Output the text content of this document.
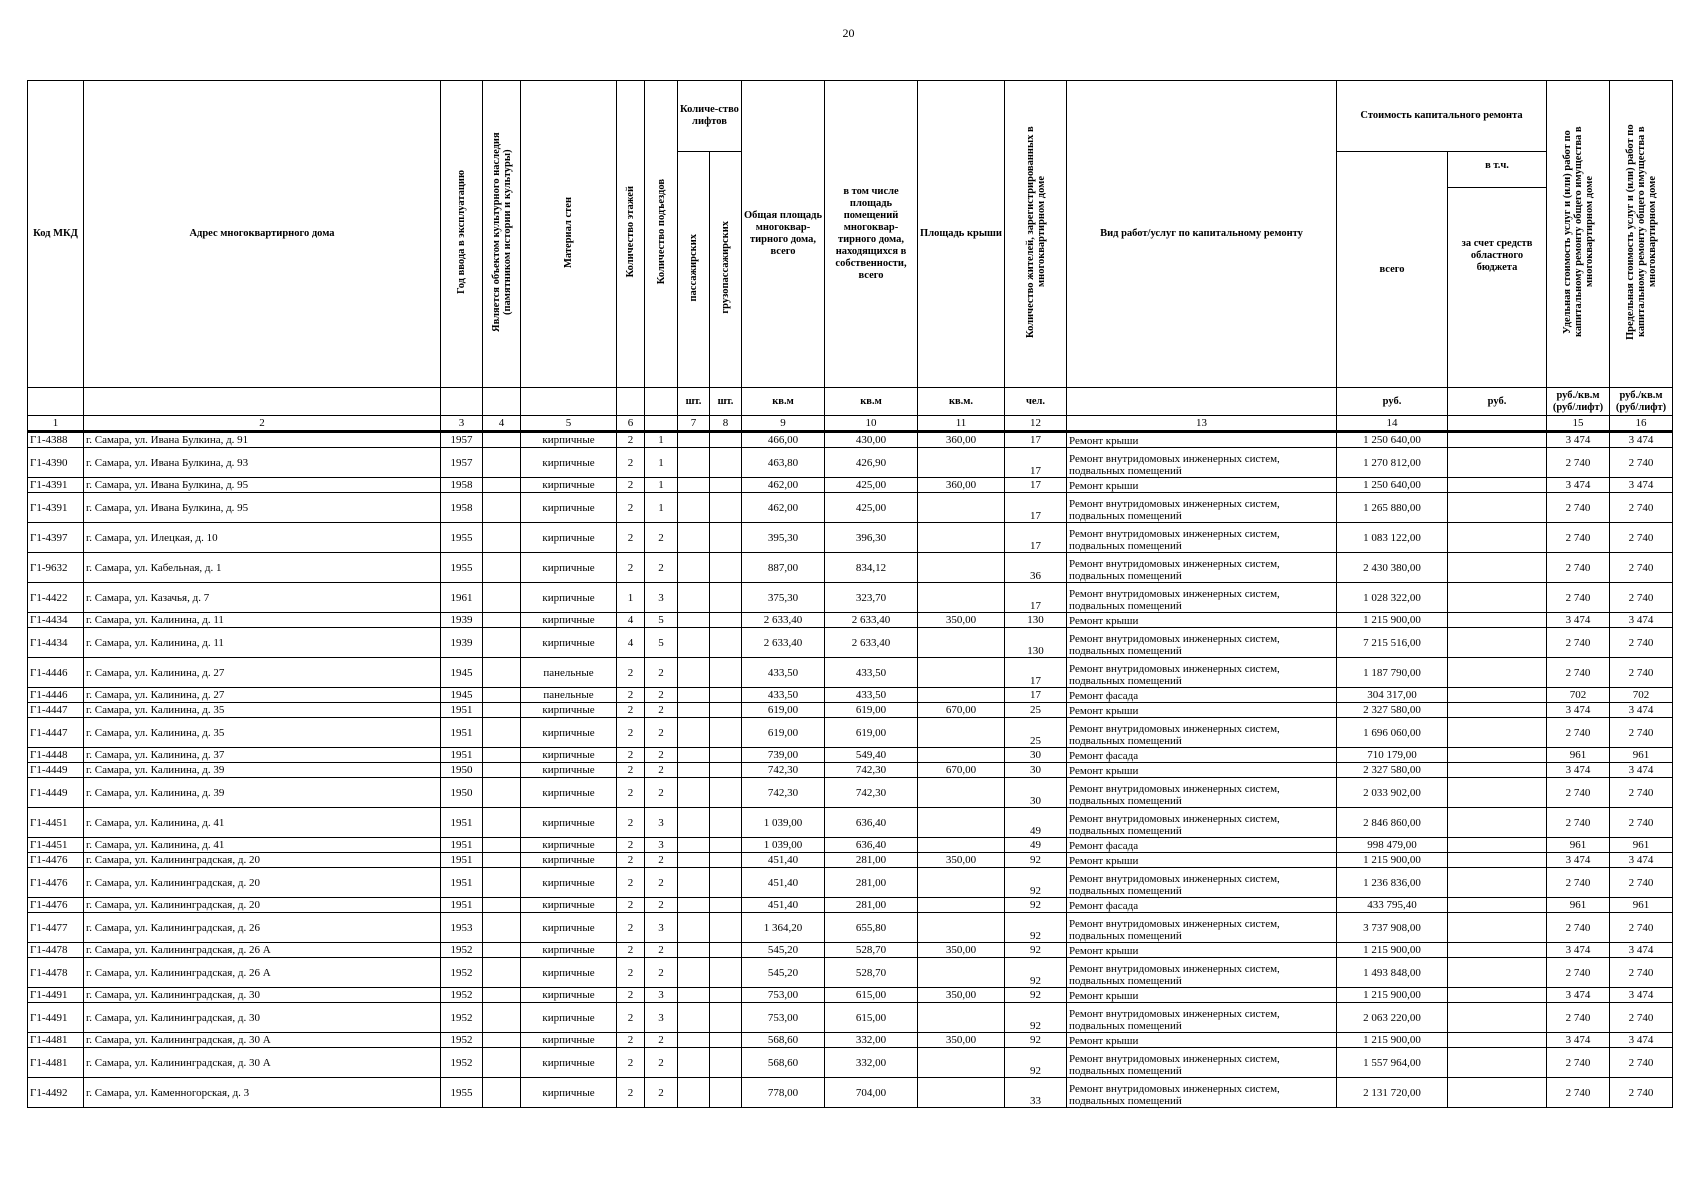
20
Код МКД	Адрес многоквартирного дома	Год ввода в эксплуатацию	Является объектом культурного наследия (памятником истории и культуры)	Материал стен	Количество этажей	Количество подъездов	Количе-ство лифтов		Общая площадь многоквар-тирного дома, всего	в том числе площадь помещений многоквар-тирного дома, находящихся в собственности, всего	Площадь крыши	Количество жителей, зарегистрированных в многоквартирном доме	Вид работ/услуг по капитальному ремонту	Стоимость капитального ремонта		Удельная стоимость услуг и (или) работ по капитальному ремонту общего имущества в многоквартирном доме	Предельная стоимость услуг и (или) работ по капитальному ремонту общего имущества в многоквартирном доме
							пассажирских	грузопассажирских						всего	в т.ч.		
															за счет средств областного бюджета		
							шт.	шт.	кв.м	кв.м	кв.м.	чел.		руб.	руб.	руб./кв.м (руб/лифт)	руб./кв.м (руб/лифт)
1	2	3	4	5	6		7	8	9	10	11	12	13	14		15	16
Г1-4388	г. Самара, ул. Ивана Булкина, д. 91	1957		кирпичные	2	1			466,00	430,00	360,00	17	Ремонт крыши	1 250 640,00		3 474	3 474
Г1-4390	г. Самара, ул. Ивана Булкина, д. 93	1957		кирпичные	2	1			463,80	426,90		17	Ремонт внутридомовых инженерных систем, подвальных помещений	1 270 812,00		2 740	2 740
Г1-4391	г. Самара, ул. Ивана Булкина, д. 95	1958		кирпичные	2	1			462,00	425,00	360,00	17	Ремонт крыши	1 250 640,00		3 474	3 474
Г1-4391	г. Самара, ул. Ивана Булкина, д. 95	1958		кирпичные	2	1			462,00	425,00		17	Ремонт внутридомовых инженерных систем, подвальных помещений	1 265 880,00		2 740	2 740
Г1-4397	г. Самара, ул. Илецкая, д. 10	1955		кирпичные	2	2			395,30	396,30		17	Ремонт внутридомовых инженерных систем, подвальных помещений	1 083 122,00		2 740	2 740
Г1-9632	г. Самара, ул. Кабельная, д. 1	1955		кирпичные	2	2			887,00	834,12		36	Ремонт внутридомовых инженерных систем, подвальных помещений	2 430 380,00		2 740	2 740
Г1-4422	г. Самара, ул. Казачья, д. 7	1961		кирпичные	1	3			375,30	323,70		17	Ремонт внутридомовых инженерных систем, подвальных помещений	1 028 322,00		2 740	2 740
Г1-4434	г. Самара, ул. Калинина, д. 11	1939		кирпичные	4	5			2 633,40	2 633,40	350,00	130	Ремонт крыши	1 215 900,00		3 474	3 474
Г1-4434	г. Самара, ул. Калинина, д. 11	1939		кирпичные	4	5			2 633,40	2 633,40		130	Ремонт внутридомовых инженерных систем, подвальных помещений	7 215 516,00		2 740	2 740
Г1-4446	г. Самара, ул. Калинина, д. 27	1945		панельные	2	2			433,50	433,50		17	Ремонт внутридомовых инженерных систем, подвальных помещений	1 187 790,00		2 740	2 740
Г1-4446	г. Самара, ул. Калинина, д. 27	1945		панельные	2	2			433,50	433,50		17	Ремонт фасада	304 317,00		702	702
Г1-4447	г. Самара, ул. Калинина, д. 35	1951		кирпичные	2	2			619,00	619,00	670,00	25	Ремонт крыши	2 327 580,00		3 474	3 474
Г1-4447	г. Самара, ул. Калинина, д. 35	1951		кирпичные	2	2			619,00	619,00		25	Ремонт внутридомовых инженерных систем, подвальных помещений	1 696 060,00		2 740	2 740
Г1-4448	г. Самара, ул. Калинина, д. 37	1951		кирпичные	2	2			739,00	549,40		30	Ремонт фасада	710 179,00		961	961
Г1-4449	г. Самара, ул. Калинина, д. 39	1950		кирпичные	2	2			742,30	742,30	670,00	30	Ремонт крыши	2 327 580,00		3 474	3 474
Г1-4449	г. Самара, ул. Калинина, д. 39	1950		кирпичные	2	2			742,30	742,30		30	Ремонт внутридомовых инженерных систем, подвальных помещений	2 033 902,00		2 740	2 740
Г1-4451	г. Самара, ул. Калинина, д. 41	1951		кирпичные	2	3			1 039,00	636,40		49	Ремонт внутридомовых инженерных систем, подвальных помещений	2 846 860,00		2 740	2 740
Г1-4451	г. Самара, ул. Калинина, д. 41	1951		кирпичные	2	3			1 039,00	636,40		49	Ремонт фасада	998 479,00		961	961
Г1-4476	г. Самара, ул. Калининградская, д. 20	1951		кирпичные	2	2			451,40	281,00	350,00	92	Ремонт крыши	1 215 900,00		3 474	3 474
Г1-4476	г. Самара, ул. Калининградская, д. 20	1951		кирпичные	2	2			451,40	281,00		92	Ремонт внутридомовых инженерных систем, подвальных помещений	1 236 836,00		2 740	2 740
Г1-4476	г. Самара, ул. Калининградская, д. 20	1951		кирпичные	2	2			451,40	281,00		92	Ремонт фасада	433 795,40		961	961
Г1-4477	г. Самара, ул. Калининградская, д. 26	1953		кирпичные	2	3			1 364,20	655,80		92	Ремонт внутридомовых инженерных систем, подвальных помещений	3 737 908,00		2 740	2 740
Г1-4478	г. Самара, ул. Калининградская, д. 26 А	1952		кирпичные	2	2			545,20	528,70	350,00	92	Ремонт крыши	1 215 900,00		3 474	3 474
Г1-4478	г. Самара, ул. Калининградская, д. 26 А	1952		кирпичные	2	2			545,20	528,70		92	Ремонт внутридомовых инженерных систем, подвальных помещений	1 493 848,00		2 740	2 740
Г1-4491	г. Самара, ул. Калининградская, д. 30	1952		кирпичные	2	3			753,00	615,00	350,00	92	Ремонт крыши	1 215 900,00		3 474	3 474
Г1-4491	г. Самара, ул. Калининградская, д. 30	1952		кирпичные	2	3			753,00	615,00		92	Ремонт внутридомовых инженерных систем, подвальных помещений	2 063 220,00		2 740	2 740
Г1-4481	г. Самара, ул. Калининградская, д. 30 А	1952		кирпичные	2	2			568,60	332,00	350,00	92	Ремонт крыши	1 215 900,00		3 474	3 474
Г1-4481	г. Самара, ул. Калининградская, д. 30 А	1952		кирпичные	2	2			568,60	332,00		92	Ремонт внутридомовых инженерных систем, подвальных помещений	1 557 964,00		2 740	2 740
Г1-4492	г. Самара, ул. Каменногорская, д. 3	1955		кирпичные	2	2			778,00	704,00		33	Ремонт внутридомовых инженерных систем, подвальных помещений	2 131 720,00		2 740	2 740
